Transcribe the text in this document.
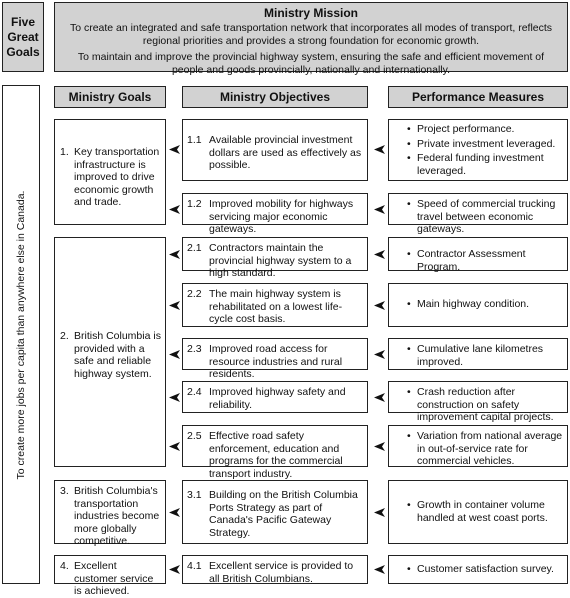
Five
Great
Goals
Ministry Mission
To create an integrated and safe transportation network that incorporates all modes of transport, reflects regional priorities and provides a strong foundation for economic growth.
To maintain and improve the provincial highway system, ensuring the safe and efficient movement of people and goods provincially, nationally and internationally.
To create more jobs per capita than anywhere else in Canada.
Ministry Goals	Ministry Objectives	Performance Measures
1. Key transportation infrastructure is improved to drive economic growth and trade.
2. British Columbia is provided with a safe and reliable highway system.
3. British Columbia's transportation industries become more globally competitive.
4. Excellent customer service is achieved.
1.1 Available provincial investment dollars are used as effectively as possible.
1.2 Improved mobility for highways servicing major economic gateways.
2.1 Contractors maintain the provincial highway system to a high standard.
2.2 The main highway system is rehabilitated on a lowest life-cycle cost basis.
2.3 Improved road access for resource industries and rural residents.
2.4 Improved highway safety and reliability.
2.5 Effective road safety enforcement, education and programs for the commercial transport industry.
3.1 Building on the British Columbia Ports Strategy as part of Canada's Pacific Gateway Strategy.
4.1 Excellent service is provided to all British Columbians.
• Project performance.
• Private investment leveraged.
• Federal funding investment leveraged.
• Speed of commercial trucking travel between economic gateways.
• Contractor Assessment Program.
• Main highway condition.
• Cumulative lane kilometres improved.
• Crash reduction after construction on safety improvement capital projects.
• Variation from national average in out-of-service rate for commercial vehicles.
• Growth in container volume handled at west coast ports.
• Customer satisfaction survey.
